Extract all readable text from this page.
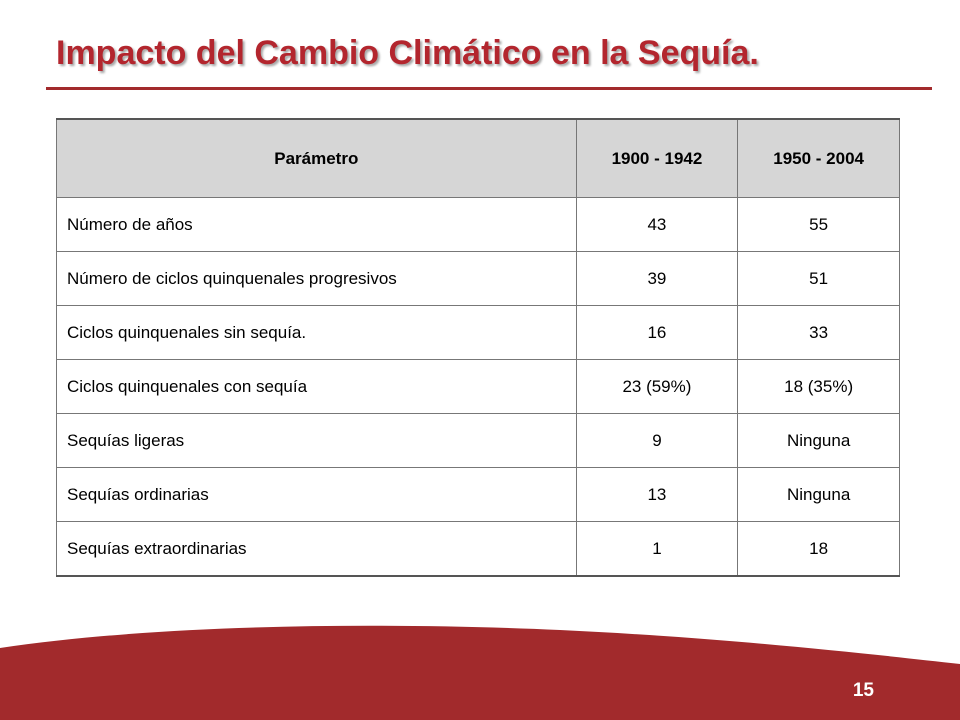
Impacto del Cambio Climático en la Sequía.
Parámetro	1900 - 1942	1950 - 2004
Número de años	43	55
Número de ciclos quinquenales progresivos	39	51
Ciclos quinquenales sin sequía.	16	33
Ciclos quinquenales con sequía	23 (59%)	18 (35%)
Sequías ligeras	9	Ninguna
Sequías ordinarias	13	Ninguna
Sequías extraordinarias	1	18
15
